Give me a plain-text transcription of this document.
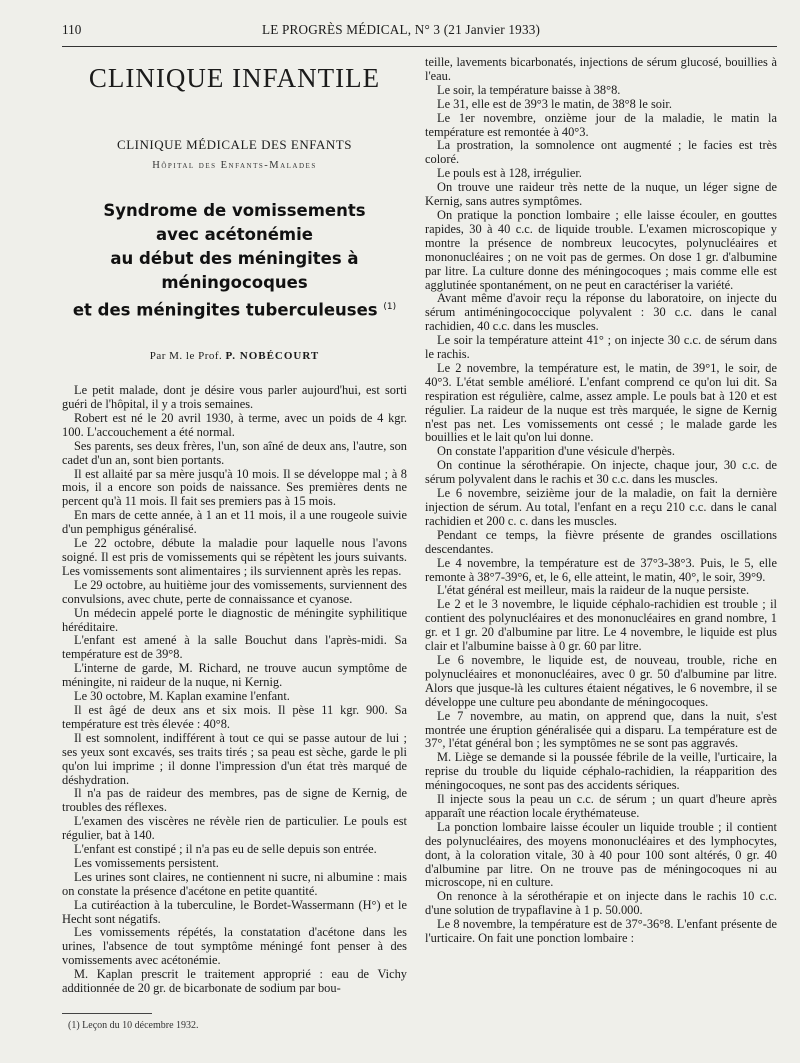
110	LE PROGRÈS MÉDICAL, N° 3 (21 Janvier 1933)
CLINIQUE INFANTILE
CLINIQUE MÉDICALE DES ENFANTS
Hôpital des Enfants-Malades
Syndrome de vomissements
avec acétonémie
au début des méningites à méningocoques
et des méningites tuberculeuses $^{(1)}$
Par M. le Prof. P. NOBÉCOURT

Le petit malade, dont je désire vous parler aujourd'hui, est sorti guéri de l'hôpital, il y a trois semaines.

Robert est né le 20 avril 1930, à terme, avec un poids de 4 kgr. 100. L'accouchement a été normal.

Ses parents, ses deux frères, l'un, son aîné de deux ans, l'autre, son cadet d'un an, sont bien portants.

Il est allaité par sa mère jusqu'à 10 mois. Il se développe mal ; à 8 mois, il a encore son poids de naissance. Ses premières dents ne percent qu'à 11 mois. Il fait ses premiers pas à 15 mois.

En mars de cette année, à 1 an et 11 mois, il a une rougeole suivie d'un pemphigus généralisé.

Le 22 octobre, débute la maladie pour laquelle nous l'avons soigné. Il est pris de vomissements qui se répètent les jours suivants. Les vomissements sont alimentaires ; ils surviennent après les repas.

Le 29 octobre, au huitième jour des vomissements, surviennent des convulsions, avec chute, perte de connaissance et cyanose.

Un médecin appelé porte le diagnostic de méningite syphilitique héréditaire.

L'enfant est amené à la salle Bouchut dans l'après-midi. Sa température est de 39°8.

L'interne de garde, M. Richard, ne trouve aucun symptôme de méningite, ni raideur de la nuque, ni Kernig.

Le 30 octobre, M. Kaplan examine l'enfant.

Il est âgé de deux ans et six mois. Il pèse 11 kgr. 900. Sa température est très élevée : 40°8.

Il est somnolent, indifférent à tout ce qui se passe autour de lui ; ses yeux sont excavés, ses traits tirés ; sa peau est sèche, garde le pli qu'on lui imprime ; il donne l'impression d'un état très marqué de déshydration.

Il n'a pas de raideur des membres, pas de signe de Kernig, de troubles des réflexes.

L'examen des viscères ne révèle rien de particulier. Le pouls est régulier, bat à 140.

L'enfant est constipé ; il n'a pas eu de selle depuis son entrée.

Les vomissements persistent.

Les urines sont claires, ne contiennent ni sucre, ni albumine : mais on constate la présence d'acétone en petite quantité.

La cutiréaction à la tuberculine, le Bordet-Wassermann (H°) et le Hecht sont négatifs.

Les vomissements répétés, la constatation d'acétone dans les urines, l'absence de tout symptôme méningé font penser à des vomissements avec acétonémie.

M. Kaplan prescrit le traitement approprié : eau de Vichy additionnée de 20 gr. de bicarbonate de sodium par bou-

teille, lavements bicarbonatés, injections de sérum glucosé, bouillies à l'eau.

Le soir, la température baisse à 38°8.

Le 31, elle est de 39°3 le matin, de 38°8 le soir.

Le 1er novembre, onzième jour de la maladie, le matin la température est remontée à 40°3.

La prostration, la somnolence ont augmenté ; le facies est très coloré.

Le pouls est à 128, irrégulier.

On trouve une raideur très nette de la nuque, un léger signe de Kernig, sans autres symptômes.

On pratique la ponction lombaire ; elle laisse écouler, en gouttes rapides, 30 à 40 c.c. de liquide trouble. L'examen microscopique y montre la présence de nombreux leucocytes, polynucléaires et mononucléaires ; on ne voit pas de germes. On dose 1 gr. d'albumine par litre. La culture donne des méningocoques ; mais comme elle est agglutinée spontanément, on ne peut en caractériser la variété.

Avant même d'avoir reçu la réponse du laboratoire, on injecte du sérum antiméningococcique polyvalent : 30 c.c. dans le canal rachidien, 40 c.c. dans les muscles.

Le soir la température atteint 41° ; on injecte 30 c.c. de sérum dans le rachis.

Le 2 novembre, la température est, le matin, de 39°1, le soir, de 40°3. L'état semble amélioré. L'enfant comprend ce qu'on lui dit. Sa respiration est régulière, calme, assez ample. Le pouls bat à 120 et est régulier. La raideur de la nuque est très marquée, le signe de Kernig n'est pas net. Les vomissements ont cessé ; le malade garde les bouillies et le lait qu'on lui donne.

On constate l'apparition d'une vésicule d'herpès.

On continue la sérothérapie. On injecte, chaque jour, 30 c.c. de sérum polyvalent dans le rachis et 30 c.c. dans les muscles.

Le 6 novembre, seizième jour de la maladie, on fait la dernière injection de sérum. Au total, l'enfant en a reçu 210 c.c. dans le canal rachidien et 200 c. c. dans les muscles.

Pendant ce temps, la fièvre présente de grandes oscillations descendantes.

Le 4 novembre, la température est de 37°3-38°3. Puis, le 5, elle remonte à 38°7-39°6, et, le 6, elle atteint, le matin, 40°, le soir, 39°9.

L'état général est meilleur, mais la raideur de la nuque persiste.

Le 2 et le 3 novembre, le liquide céphalo-rachidien est trouble ; il contient des polynucléaires et des mononucléaires en grand nombre, 1 gr. et 1 gr. 20 d'albumine par litre. Le 4 novembre, le liquide est plus clair et l'albumine baisse à 0 gr. 60 par litre.

Le 6 novembre, le liquide est, de nouveau, trouble, riche en polynucléaires et mononucléaires, avec 0 gr. 50 d'albumine par litre. Alors que jusque-là les cultures étaient négatives, le 6 novembre, il se développe une culture peu abondante de méningocoques.

Le 7 novembre, au matin, on apprend que, dans la nuit, s'est montrée une éruption généralisée qui a disparu. La température est de 37°, l'état général bon ; les symptômes ne se sont pas aggravés.

M. Liège se demande si la poussée fébrile de la veille, l'urticaire, la reprise du trouble du liquide céphalo-rachidien, la réapparition des méningocoques, ne sont pas des accidents sériques.

Il injecte sous la peau un c.c. de sérum ; un quart d'heure après apparaît une réaction locale érythémateuse.

La ponction lombaire laisse écouler un liquide trouble ; il contient des polynucléaires, des moyens mononucléaires et des lymphocytes, dont, à la coloration vitale, 30 à 40 pour 100 sont altérés, 0 gr. 40 d'albumine par litre. On ne trouve pas de méningocoques ni au microscope, ni en culture.

On renonce à la sérothérapie et on injecte dans le rachis 10 c.c. d'une solution de trypaflavine à 1 p. 50.000.

Le 8 novembre, la température est de 37°-36°8. L'enfant présente de l'urticaire. On fait une ponction lombaire :

(1) Leçon du 10 décembre 1932.
